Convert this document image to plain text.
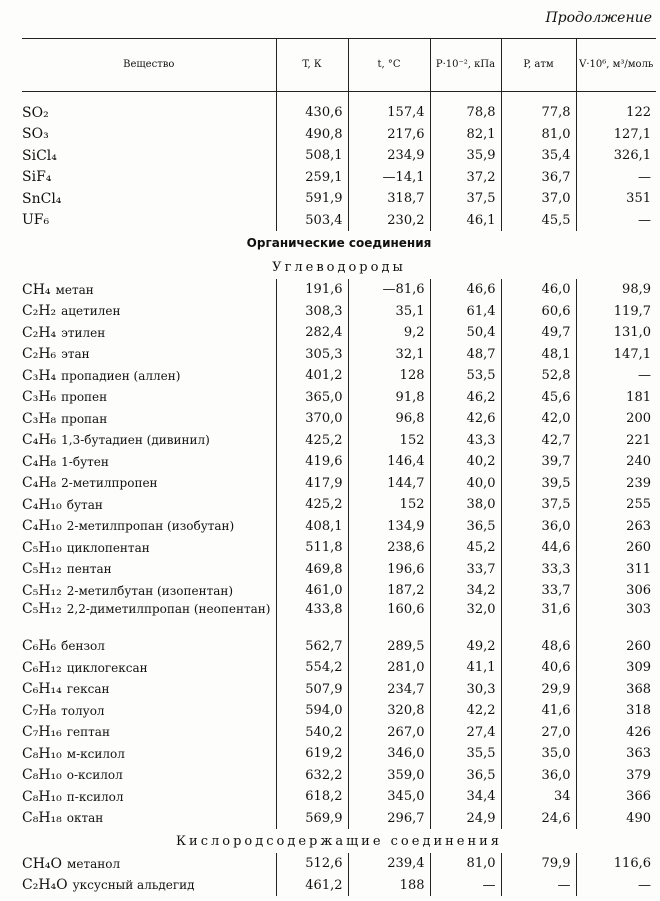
Продолжение
Вещество	T, К	t, °С	P·10⁻², кПа	P, атм	V·10⁶, м³/моль
SO₂	430,6	157,4	78,8	77,8	122
SO₃	490,8	217,6	82,1	81,0	127,1
SiCl₄	508,1	234,9	35,9	35,4	326,1
SiF₄	259,1	—14,1	37,2	36,7	—
SnCl₄	591,9	318,7	37,5	37,0	351
UF₆	503,4	230,2	46,1	45,5	—
Органические соединения					
Углеводороды					
CH₄ метан	191,6	—81,6	46,6	46,0	98,9
C₂H₂ ацетилен	308,3	35,1	61,4	60,6	119,7
C₂H₄ этилен	282,4	9,2	50,4	49,7	131,0
C₂H₆ этан	305,3	32,1	48,7	48,1	147,1
C₃H₄ пропадиен (аллен)	401,2	128	53,5	52,8	—
C₃H₆ пропен	365,0	91,8	46,2	45,6	181
C₃H₈ пропан	370,0	96,8	42,6	42,0	200
C₄H₆ 1,3-бутадиен (дивинил)	425,2	152	43,3	42,7	221
C₄H₈ 1-бутен	419,6	146,4	40,2	39,7	240
C₄H₈ 2-метилпропен	417,9	144,7	40,0	39,5	239
C₄H₁₀ бутан	425,2	152	38,0	37,5	255
C₄H₁₀ 2-метилпропан (изобутан)	408,1	134,9	36,5	36,0	263
C₅H₁₀ циклопентан	511,8	238,6	45,2	44,6	260
C₅H₁₂ пентан	469,8	196,6	33,7	33,3	311
C₅H₁₂ 2-метилбутан (изопентан)	461,0	187,2	34,2	33,7	306
C₅H₁₂ 2,2-диметилпропан (неопентан)	433,8	160,6	32,0	31,6	303
C₆H₆ бензол	562,7	289,5	49,2	48,6	260
C₆H₁₂ циклогексан	554,2	281,0	41,1	40,6	309
C₆H₁₄ гексан	507,9	234,7	30,3	29,9	368
C₇H₈ толуол	594,0	320,8	42,2	41,6	318
C₇H₁₆ гептан	540,2	267,0	27,4	27,0	426
C₈H₁₀ м-ксилол	619,2	346,0	35,5	35,0	363
C₈H₁₀ о-ксилол	632,2	359,0	36,5	36,0	379
C₈H₁₀ п-ксилол	618,2	345,0	34,4	34	366
C₈H₁₈ октан	569,9	296,7	24,9	24,6	490
Кислородсодержащие соединения					
CH₄O метанол	512,6	239,4	81,0	79,9	116,6
C₂H₄O уксусный альдегид	461,2	188	—	—	—
